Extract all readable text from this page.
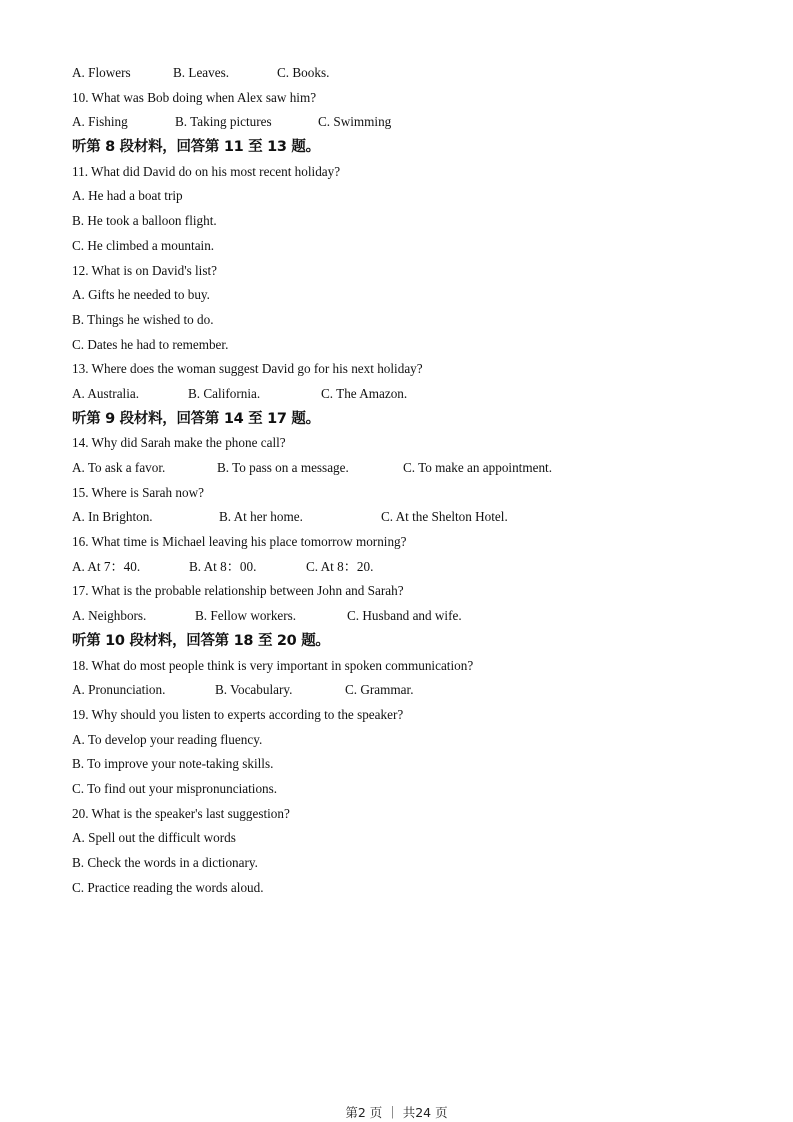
A. Flowers	B. Leaves.	C. Books.
10. What was Bob doing when Alex saw him?
A. Fishing	B. Taking pictures	C. Swimming
听第 8 段材料，回答第 11 至 13 题。
11. What did David do on his most recent holiday?
A. He had a boat trip
B. He took a balloon flight.
C. He climbed a mountain.
12. What is on David's list?
A. Gifts he needed to buy.
B. Things he wished to do.
C. Dates he had to remember.
13. Where does the woman suggest David go for his next holiday?
A. Australia.	B. California.	C. The Amazon.
听第 9 段材料，回答第 14 至 17 题。
14. Why did Sarah make the phone call?
A. To ask a favor.	B. To pass on a message.	C. To make an appointment.
15. Where is Sarah now?
A. In Brighton.	B. At her home.	C. At the Shelton Hotel.
16. What time is Michael leaving his place tomorrow morning?
A. At 7：40.	B. At 8：00.	C. At 8：20.
17. What is the probable relationship between John and Sarah?
A. Neighbors.	B. Fellow workers.	C. Husband and wife.
听第 10 段材料，回答第 18 至 20 题。
18. What do most people think is very important in spoken communication?
A. Pronunciation.	B. Vocabulary.	C. Grammar.
19. Why should you listen to experts according to the speaker?
A. To develop your reading fluency.
B. To improve your note-taking skills.
C. To find out your mispronunciations.
20. What is the speaker's last suggestion?
A. Spell out the difficult words
B. Check the words in a dictionary.
C. Practice reading the words aloud.
第2 页 ｜ 共24 页
